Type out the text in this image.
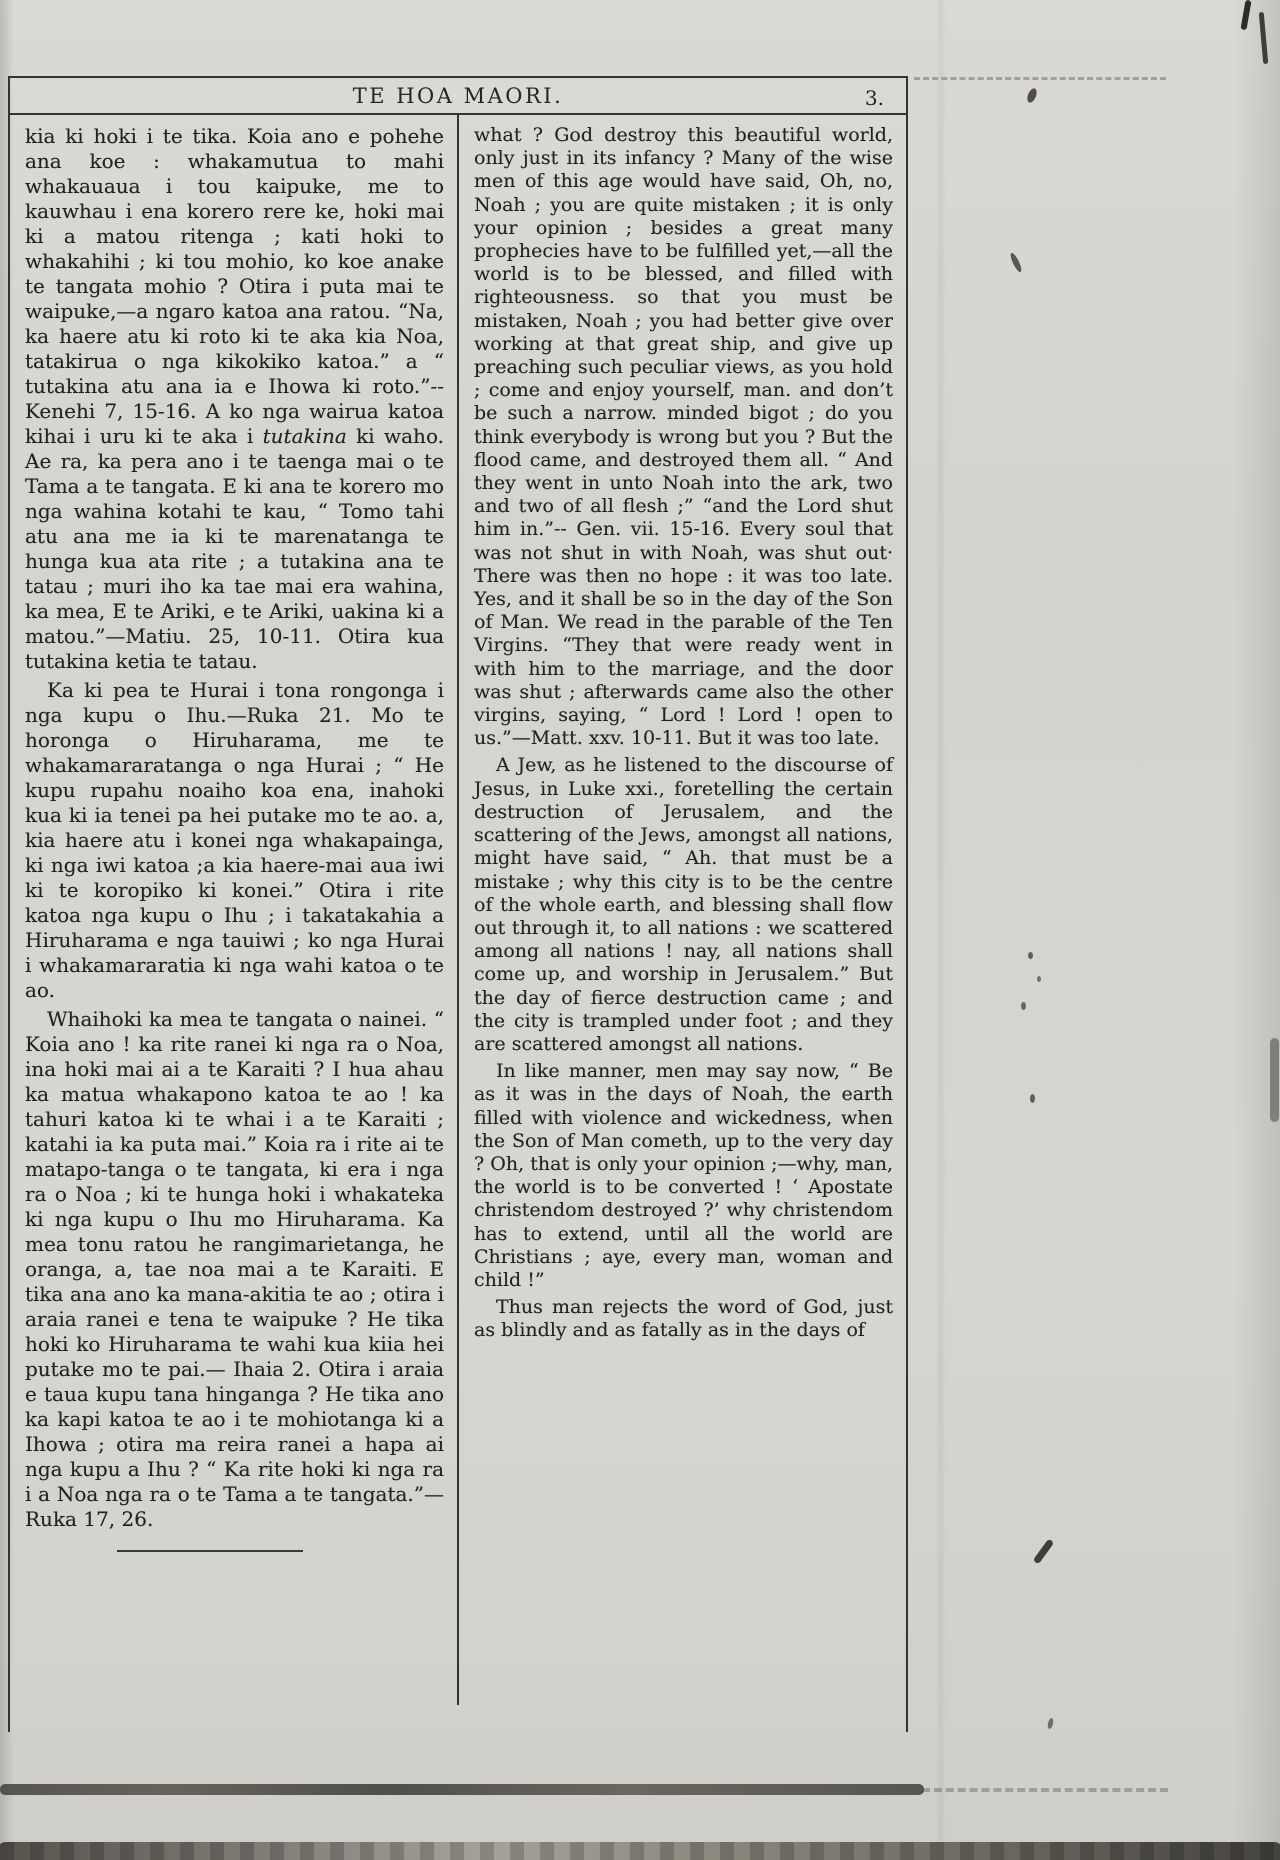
TE HOA MAORI.	3.

kia ki hoki i te tika. Koia ano e pohehe ana koe : whakamutua to mahi whakauaua i tou kaipuke, me to kauwhau i ena korero rere ke, hoki mai ki a matou ritenga ; kati hoki to whakahihi ; ki tou mohio, ko koe anake te tangata mohio ? Otira i puta mai te waipuke,—a ngaro katoa ana ratou. “Na, ka haere atu ki roto ki te aka kia Noa, tatakirua o nga kikokiko katoa.” a “ tutakina atu ana ia e Ihowa ki roto.”-- Kenehi 7, 15-16. A ko nga wairua katoa kihai i uru ki te aka i tutakina ki waho. Ae ra, ka pera ano i te taenga mai o te Tama a te tangata. E ki ana te korero mo nga wahina kotahi te kau, “ Tomo tahi atu ana me ia ki te marenatanga te hunga kua ata rite ; a tutakina ana te tatau ; muri iho ka tae mai era wahina, ka mea, E te Ariki, e te Ariki, uakina ki a matou.”—Matiu. 25, 10-11. Otira kua tutakina ketia te tatau.

Ka ki pea te Hurai i tona rongonga i nga kupu o Ihu.—Ruka 21. Mo te horonga o Hiruharama, me te whakamararatanga o nga Hurai ; “ He kupu rupahu noaiho koa ena, inahoki kua ki ia tenei pa hei putake mo te ao. a, kia haere atu i konei nga whakapainga, ki nga iwi katoa ;a kia haere-mai aua iwi ki te koropiko ki konei.” Otira i rite katoa nga kupu o Ihu ; i takatakahia a Hiruharama e nga tauiwi ; ko nga Hurai i whakamararatia ki nga wahi katoa o te ao.

Whaihoki ka mea te tangata o nainei. “ Koia ano ! ka rite ranei ki nga ra o Noa, ina hoki mai ai a te Karaiti ? I hua ahau ka matua whakapono katoa te ao ! ka tahuri katoa ki te whai i a te Karaiti ; katahi ia ka puta mai.” Koia ra i rite ai te matapo-tanga o te tangata, ki era i nga ra o Noa ; ki te hunga hoki i whakateka ki nga kupu o Ihu mo Hiruharama. Ka mea tonu ratou he rangimarietanga, he oranga, a, tae noa mai a te Karaiti. E tika ana ano ka mana-akitia te ao ; otira i araia ranei e tena te waipuke ? He tika hoki ko Hiruharama te wahi kua kiia hei putake mo te pai.— Ihaia 2. Otira i araia e taua kupu tana hinganga ? He tika ano ka kapi katoa te ao i te mohiotanga ki a Ihowa ; otira ma reira ranei a hapa ai nga kupu a Ihu ? “ Ka rite hoki ki nga ra i a Noa nga ra o te Tama a te tangata.”—Ruka 17, 26.

what ? God destroy this beautiful world, only just in its infancy ? Many of the wise men of this age would have said, Oh, no, Noah ; you are quite mistaken ; it is only your opinion ; besides a great many prophecies have to be fulfilled yet,—all the world is to be blessed, and filled with righteousness. so that you must be mistaken, Noah ; you had better give over working at that great ship, and give up preaching such peculiar views, as you hold ; come and enjoy yourself, man. and don’t be such a narrow. minded bigot ; do you think everybody is wrong but you ? But the flood came, and destroyed them all. “ And they went in unto Noah into the ark, two and two of all flesh ;” “and the Lord shut him in.”-- Gen. vii. 15-16. Every soul that was not shut in with Noah, was shut out· There was then no hope : it was too late. Yes, and it shall be so in the day of the Son of Man. We read in the parable of the Ten Virgins. “They that were ready went in with him to the marriage, and the door was shut ; afterwards came also the other virgins, saying, “ Lord ! Lord ! open to us.”—Matt. xxv. 10-11. But it was too late.

A Jew, as he listened to the discourse of Jesus, in Luke xxi., foretelling the certain destruction of Jerusalem, and the scattering of the Jews, amongst all nations, might have said, “ Ah. that must be a mistake ; why this city is to be the centre of the whole earth, and blessing shall flow out through it, to all nations : we scattered among all nations ! nay, all nations shall come up, and worship in Jerusalem.” But the day of fierce destruction came ; and the city is trampled under foot ; and they are scattered amongst all nations.

In like manner, men may say now, “ Be as it was in the days of Noah, the earth filled with violence and wickedness, when the Son of Man cometh, up to the very day ? Oh, that is only your opinion ;—why, man, the world is to be converted ! ‘ Apostate christendom destroyed ?’ why christendom has to extend, until all the world are Christians ; aye, every man, woman and child !”

Thus man rejects the word of God, just as blindly and as fatally as in the days of
